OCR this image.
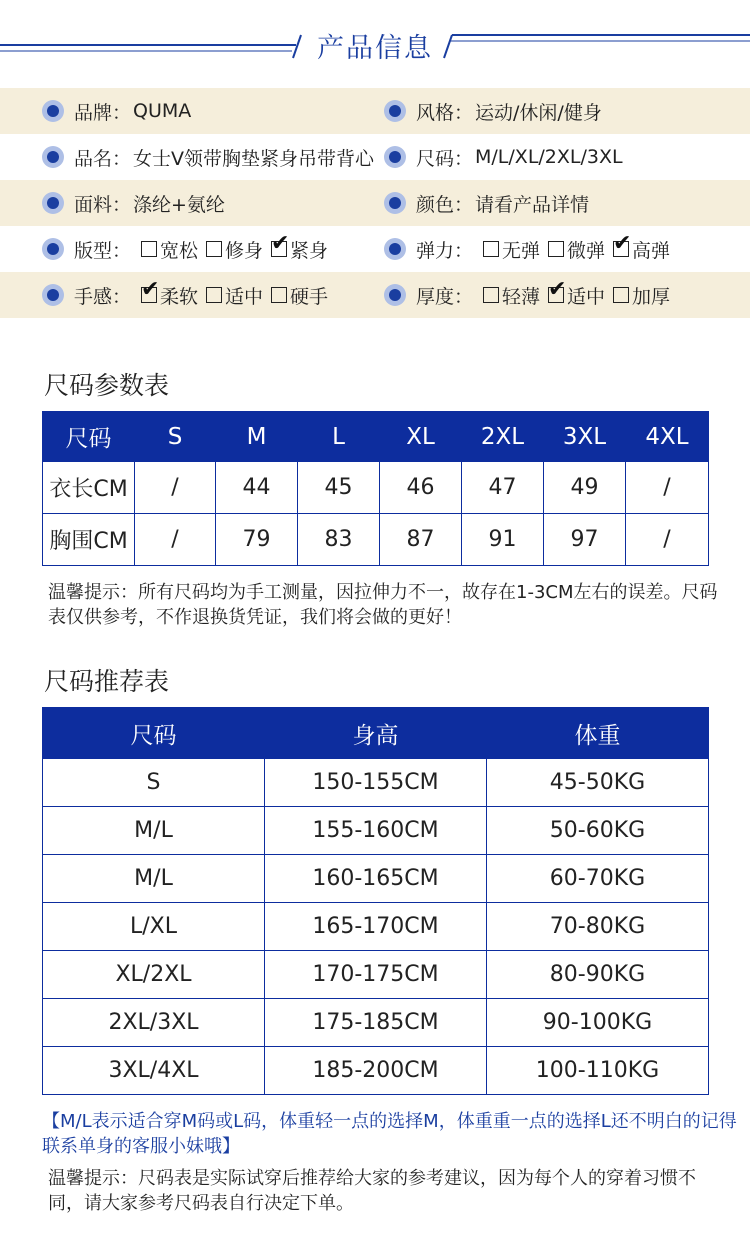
产品信息
品牌： QUMA	风格： 运动/休闲/健身
品名： 女士V领带胸垫紧身吊带背心 尺码： M/L/XL/2XL/3XL
面料： 涤纶+氨纶	颜色： 请看产品详情
版型： 宽松 修身 ✔ 紧身	弹力： 无弹 微弹 ✔ 高弹
手感： ✔ 柔软 适中 硬手	厚度： 轻薄 ✔ 适中 加厚
尺码参数表
尺码	S	M	L	XL	2XL	3XL	4XL
衣长CM	/	44	45	46	47	49	/
胸围CM	/	79	83	87	91	97	/
温馨提示：所有尺码均为手工测量，因拉伸力不一，故存在1-3CM左右的误差。尺码表仅供参考，不作退换货凭证，我们将会做的更好！
尺码推荐表
尺码	身高	体重
S	150-155CM	45-50KG
M/L	155-160CM	50-60KG
M/L	160-165CM	60-70KG
L/XL	165-170CM	70-80KG
XL/2XL	170-175CM	80-90KG
2XL/3XL	175-185CM	90-100KG
3XL/4XL	185-200CM	100-110KG
【M/L表示适合穿M码或L码，体重轻一点的选择M，体重重一点的选择L还不明白的记得联系单身的客服小妹哦】
温馨提示：尺码表是实际试穿后推荐给大家的参考建议，因为每个人的穿着习惯不同，请大家参考尺码表自行决定下单。
